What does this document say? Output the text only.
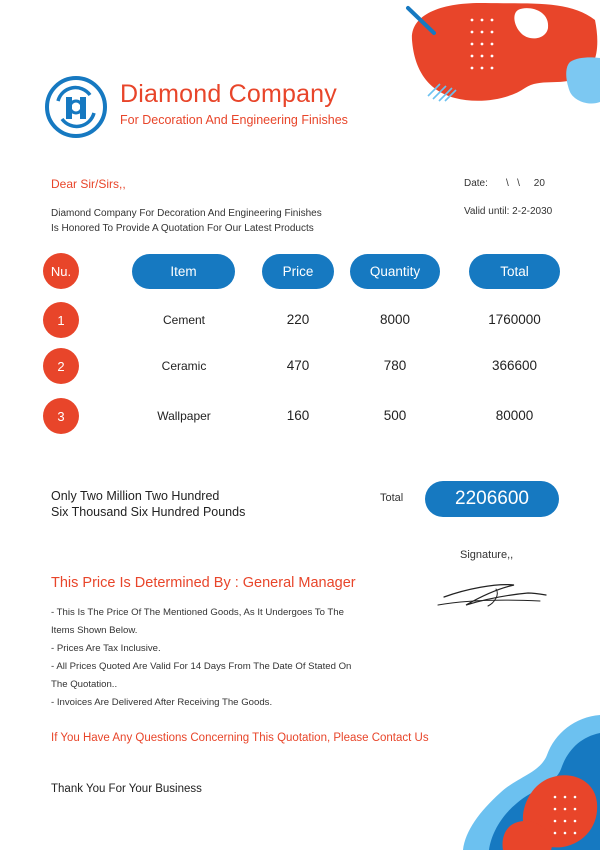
Diamond Company
For Decoration And Engineering Finishes
Dear Sir/Sirs,,
Diamond Company For Decoration And Engineering Finishes
Is Honored To Provide A Quotation For Our Latest Products
Date: \   \     20
Valid until: 2-2-2030
Nu.	Item	Price	Quantity	Total
1	Cement	220	8000	1760000
2	Ceramic	470	780	366600
3	Wallpaper	160	500	80000
Only Two Million Two Hundred
Six Thousand Six Hundred Pounds
Total	2206600
Signature,,
This Price Is Determined By : General Manager
- This Is The Price Of The Mentioned Goods, As It Undergoes To The
Items Shown Below.
- Prices Are Tax Inclusive.
- All Prices Quoted Are Valid For 14 Days From The Date Of Stated On
The Quotation..
- Invoices Are Delivered After Receiving The Goods.
If You Have Any Questions Concerning This Quotation, Please Contact Us
Thank You For Your Business
